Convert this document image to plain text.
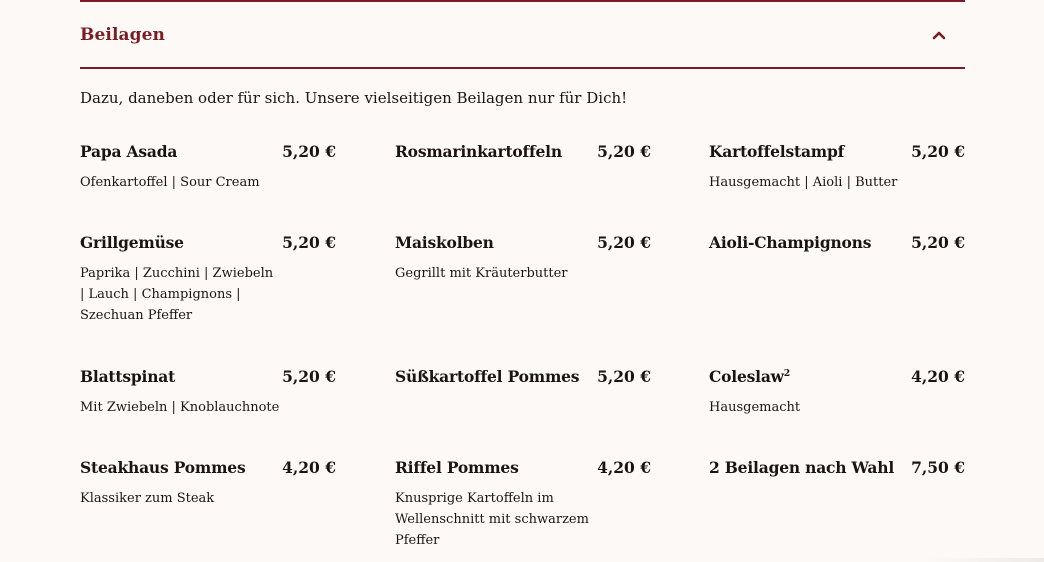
Beilagen
Dazu, daneben oder für sich. Unsere vielseitigen Beilagen nur für Dich!
Papa Asada	5,20 €
Ofenkartoffel | Sour Cream
Rosmarinkartoffeln 5,20 €	Kartoffelstampf	5,20 €
Hausgemacht | Aioli | Butter
Grillgemüse	5,20 €
Paprika | Zucchini | Zwiebeln | Lauch | Champignons | Szechuan Pfeffer
Maiskolben	5,20 €
Gegrillt mit Kräuterbutter
Aioli-Champignons	5,20 €
Blattspinat	5,20 €
Mit Zwiebeln | Knoblauchnote
Süßkartoffel Pommes 5,20 €	Coleslaw$^2$	4,20 €
Hausgemacht
Steakhaus Pommes 4,20 €
Klassiker zum Steak
Riffel Pommes	4,20 €
Knusprige Kartoffeln im Wellenschnitt mit schwarzem Pfeffer
2 Beilagen nach Wahl 7,50 €
